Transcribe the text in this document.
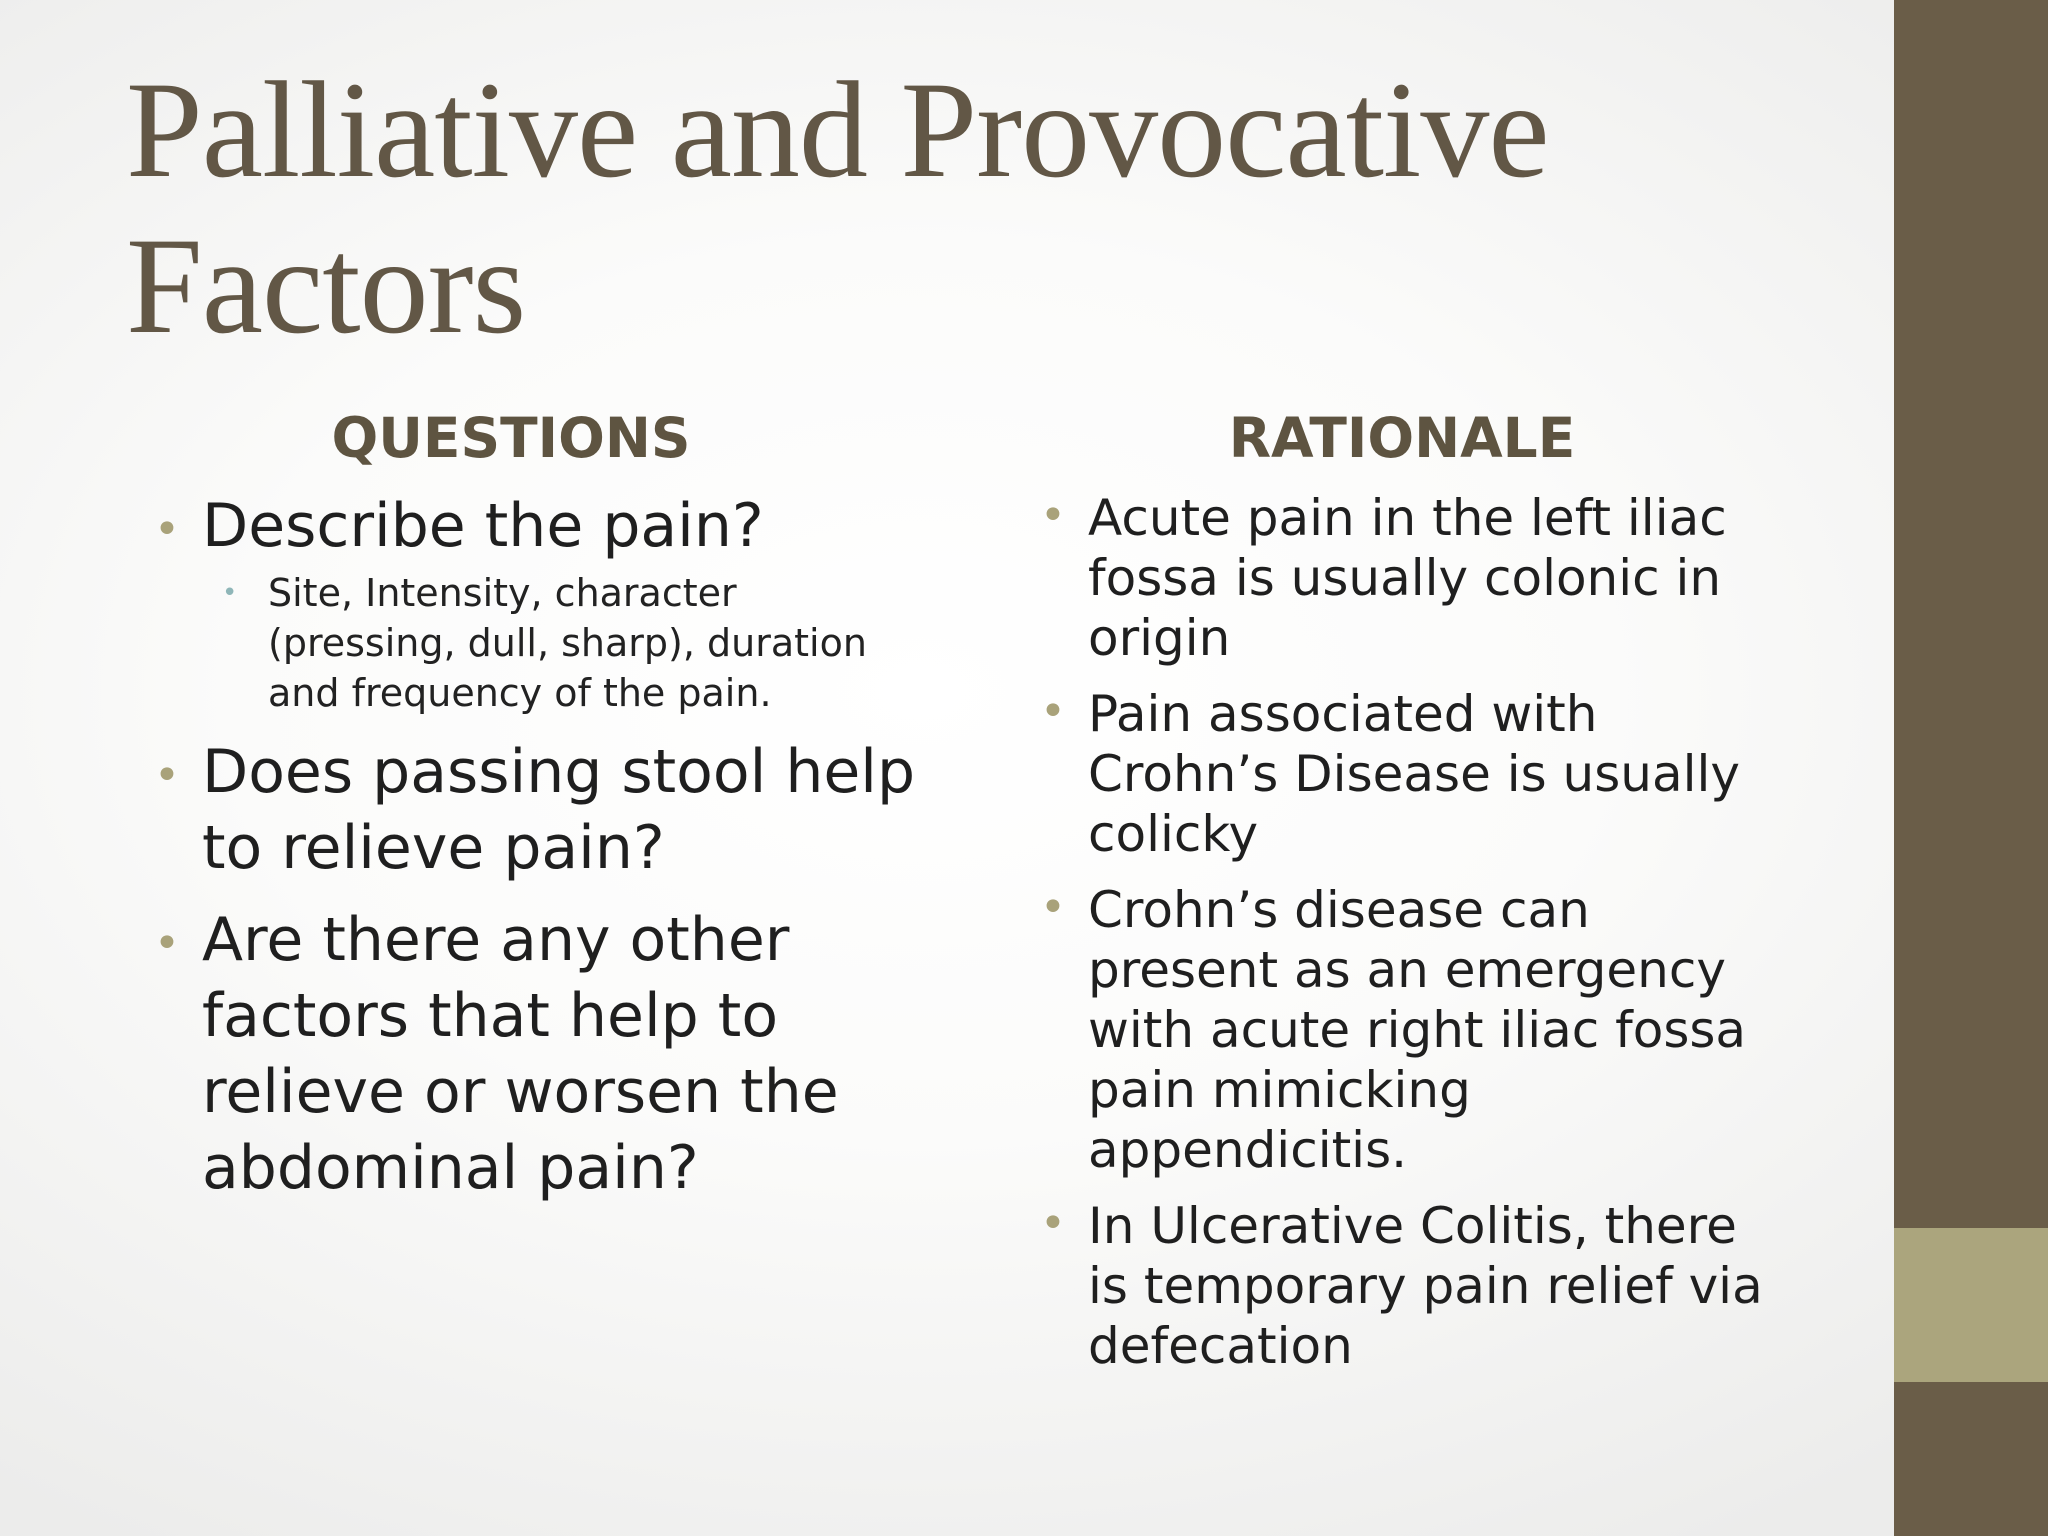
Palliative and Provocative Factors
QUESTIONS
• Describe the pain?
• Site, Intensity, character (pressing, dull, sharp), duration and frequency of the pain.
• Does passing stool help to relieve pain?
• Are there any other factors that help to relieve or worsen the abdominal pain?
RATIONALE
• Acute pain in the left iliac fossa is usually colonic in origin
• Pain associated with Crohn’s Disease is usually colicky
• Crohn’s disease can present as an emergency with acute right iliac fossa pain mimicking appendicitis.
• In Ulcerative Colitis, there is temporary pain relief via defecation
